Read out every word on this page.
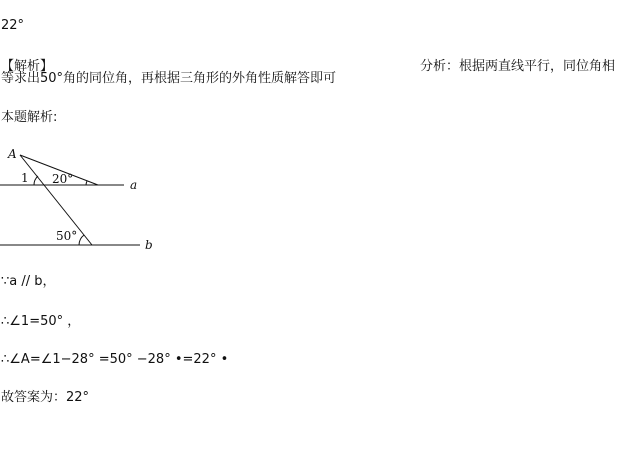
22°
【解析】	分析：根据两直线平行，同位角相
等求出50°角的同位角，再根据三角形的外角性质解答即可
本题解析:
A
1 20°	a
50°
b
∵a // b，
∴∠1=50° ，
∴∠A=∠1−28° =50° −28° •=22° •
故答案为：22°
